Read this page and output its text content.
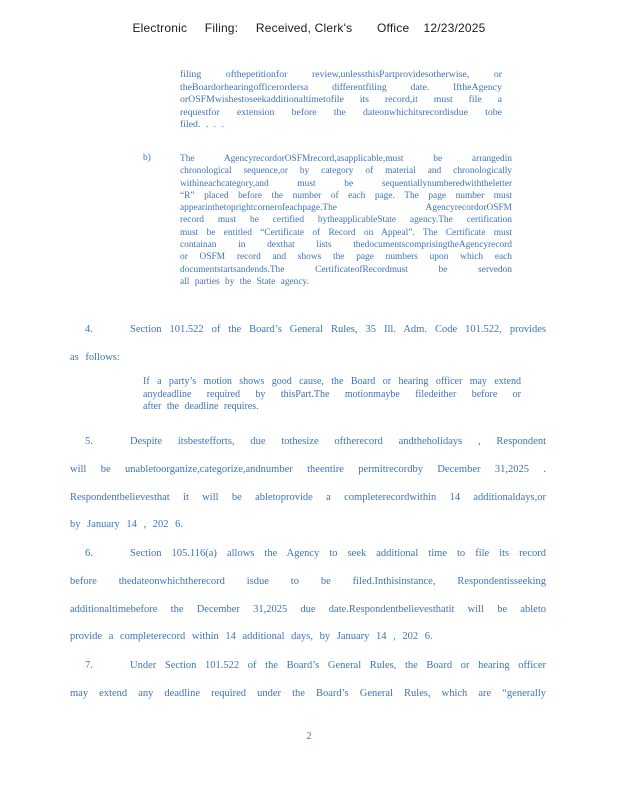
Electronic     Filing:     Received, Clerk's       Office    12/23/2025
filing ofthepetitionfor review,unlessthisPartprovidesotherwise, or
theBoardorhearingofficerordersa differentfiling date. IftheAgency
orOSFMwishestoseekadditionaltimetofile its record,it must file a
requestfor extension before the dateonwhichitsrecordisdue tobe
filed. . . .
b)	The AgencyrecordorOSFMrecord,asapplicable,must be arrangedin
chronological sequence,or by category of material and chronologically
withineachcategory,and must be sequentiallynumberedwiththeletter
“R” placed before the number of each page. The page number must
appearinthetoprightcornerofeachpage.The AgencyrecordorOSFM
record must be certified bytheapplicableState agency.The certification
must be entitled “Certificate of Record on Appeal”. The Certificate must
containan in dexthat lists thedocumentscomprisingtheAgencyrecord
or OSFM record and shows the page numbers upon which each
documentstartsandends.The CertificateofRecordmust be servedon
all parties by the State agency.
4.	Section 101.522 of the Board’s General Rules, 35 Ill. Adm. Code 101.522, provides
as follows:
If a party’s motion shows good cause, the Board or hearing officer may extend
anydeadline required by thisPart.The motionmaybe filedeither before or
after the deadline requires.
5.	Despite itsbestefforts, due tothesize oftherecord andtheholidays , Respondent
will be unabletoorganize,categorize,andnumber theentire permitrecordby December 31,2025 .
Respondentbelievesthat it will be abletoprovide a completerecordwithin 14 additionaldays,or
by January 14 , 202 6.
6.	Section 105.116(a) allows the Agency to seek additional time to file its record
before thedateonwhichtherecord isdue to be filed.Inthisinstance, Respondentisseeking
additionaltimebefore the December 31,2025 due date.Respondentbelievesthatit will be ableto
provide a completerecord within 14 additional days, by January 14 , 202 6.
7.	Under Section 101.522 of the Board’s General Rules, the Board or hearing officer
may extend any deadline required under the Board’s General Rules, which are “generally
2
